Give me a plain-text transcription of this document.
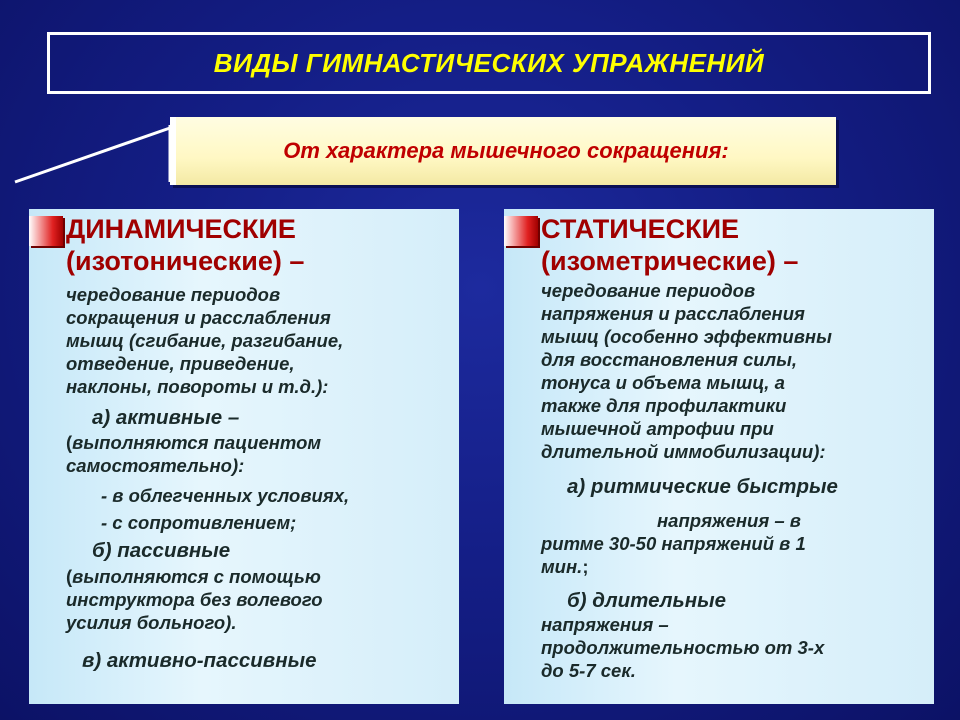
ВИДЫ ГИМНАСТИЧЕСКИХ УПРАЖНЕНИЙ
От характера мышечного сокращения:

ДИНАМИЧЕСКИЕ

(изотонические) –

чередование периодов

сокращения и расслабления

мышц (сгибание, разгибание,

отведение, приведение,

наклоны, повороты и т.д.):

а) активные –

(выполняются пациентом

самостоятельно):

- в облегченных условиях,

- с сопротивлением;

б) пассивные

(выполняются с помощью

инструктора без волевого

усилия больного).

в) активно-пассивные

СТАТИЧЕСКИЕ

(изометрические) –

чередование периодов

напряжения и расслабления

мышц (особенно эффективны

для восстановления силы,

тонуса и объема мышц, а

также для профилактики

мышечной атрофии при

длительной иммобилизации):

а) ритмические быстрые

напряжения – в

ритме 30-50 напряжений в 1

мин.;

б) длительные

напряжения –

продолжительностью от 3-х

до 5-7 сек.
